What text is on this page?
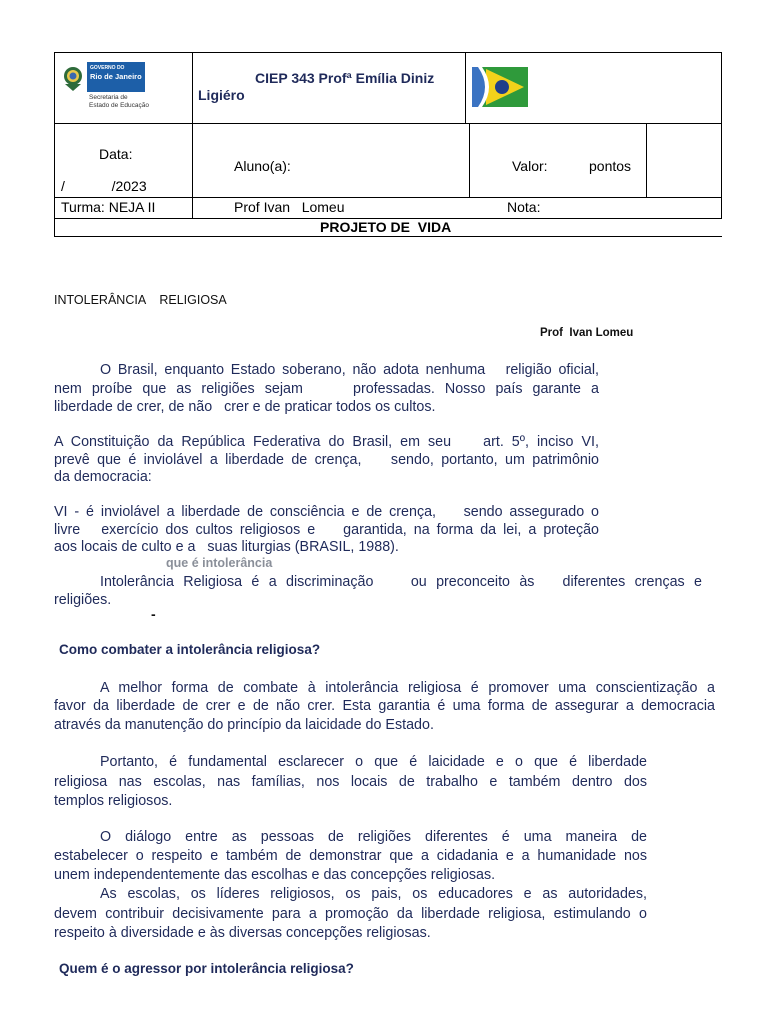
GOVERNO DO
Rio de Janeiro
Secretaria de
Estado de Educação
CIEP 343 Profª Emília Diniz
Ligiéro
Data:
/            /2023
Aluno(a):	Valor:	pontos
Turma: NEJA II	Prof Ivan   Lomeu	Nota:
PROJETO DE  VIDA
INTOLERÂNCIA    RELIGIOSA
Prof  Ivan Lomeu
O Brasil, enquanto Estado soberano, não adota nenhuma   religião oficial,
nem proíbe que as religiões sejam     professadas. Nosso país garante a
liberdade de crer, de não   crer e de praticar todos os cultos.
A Constituição da República Federativa do Brasil, em seu    art. 5º, inciso VI,
prevê que é inviolável a liberdade de crença,    sendo, portanto, um patrimônio
da democracia:
VI - é inviolável a liberdade de consciência e de crença,    sendo assegurado o
livre   exercício dos cultos religiosos e    garantida, na forma da lei, a proteção
aos locais de culto e a   suas liturgias (BRASIL, 1988).
que é intolerância
Intolerância Religiosa é a discriminação    ou preconceito às   diferentes crenças e
religiões.
-
Como combater a intolerância religiosa?
A melhor forma de combate à intolerância religiosa é promover uma conscientização a
favor da liberdade de crer e de não crer. Esta garantia é uma forma de assegurar a democracia
através da manutenção do princípio da laicidade do Estado.
Portanto, é fundamental esclarecer o que é laicidade e o que é liberdade
religiosa nas escolas, nas famílias, nos locais de trabalho e também dentro dos
templos religiosos.
O diálogo entre as pessoas de religiões diferentes é uma maneira de
estabelecer o respeito e também de demonstrar que a cidadania e a humanidade nos
unem independentemente das escolhas e das concepções religiosas.
As escolas, os líderes religiosos, os pais, os educadores e as autoridades,
devem contribuir decisivamente para a promoção da liberdade religiosa, estimulando o
respeito à diversidade e às diversas concepções religiosas.
Quem é o agressor por intolerância religiosa?
